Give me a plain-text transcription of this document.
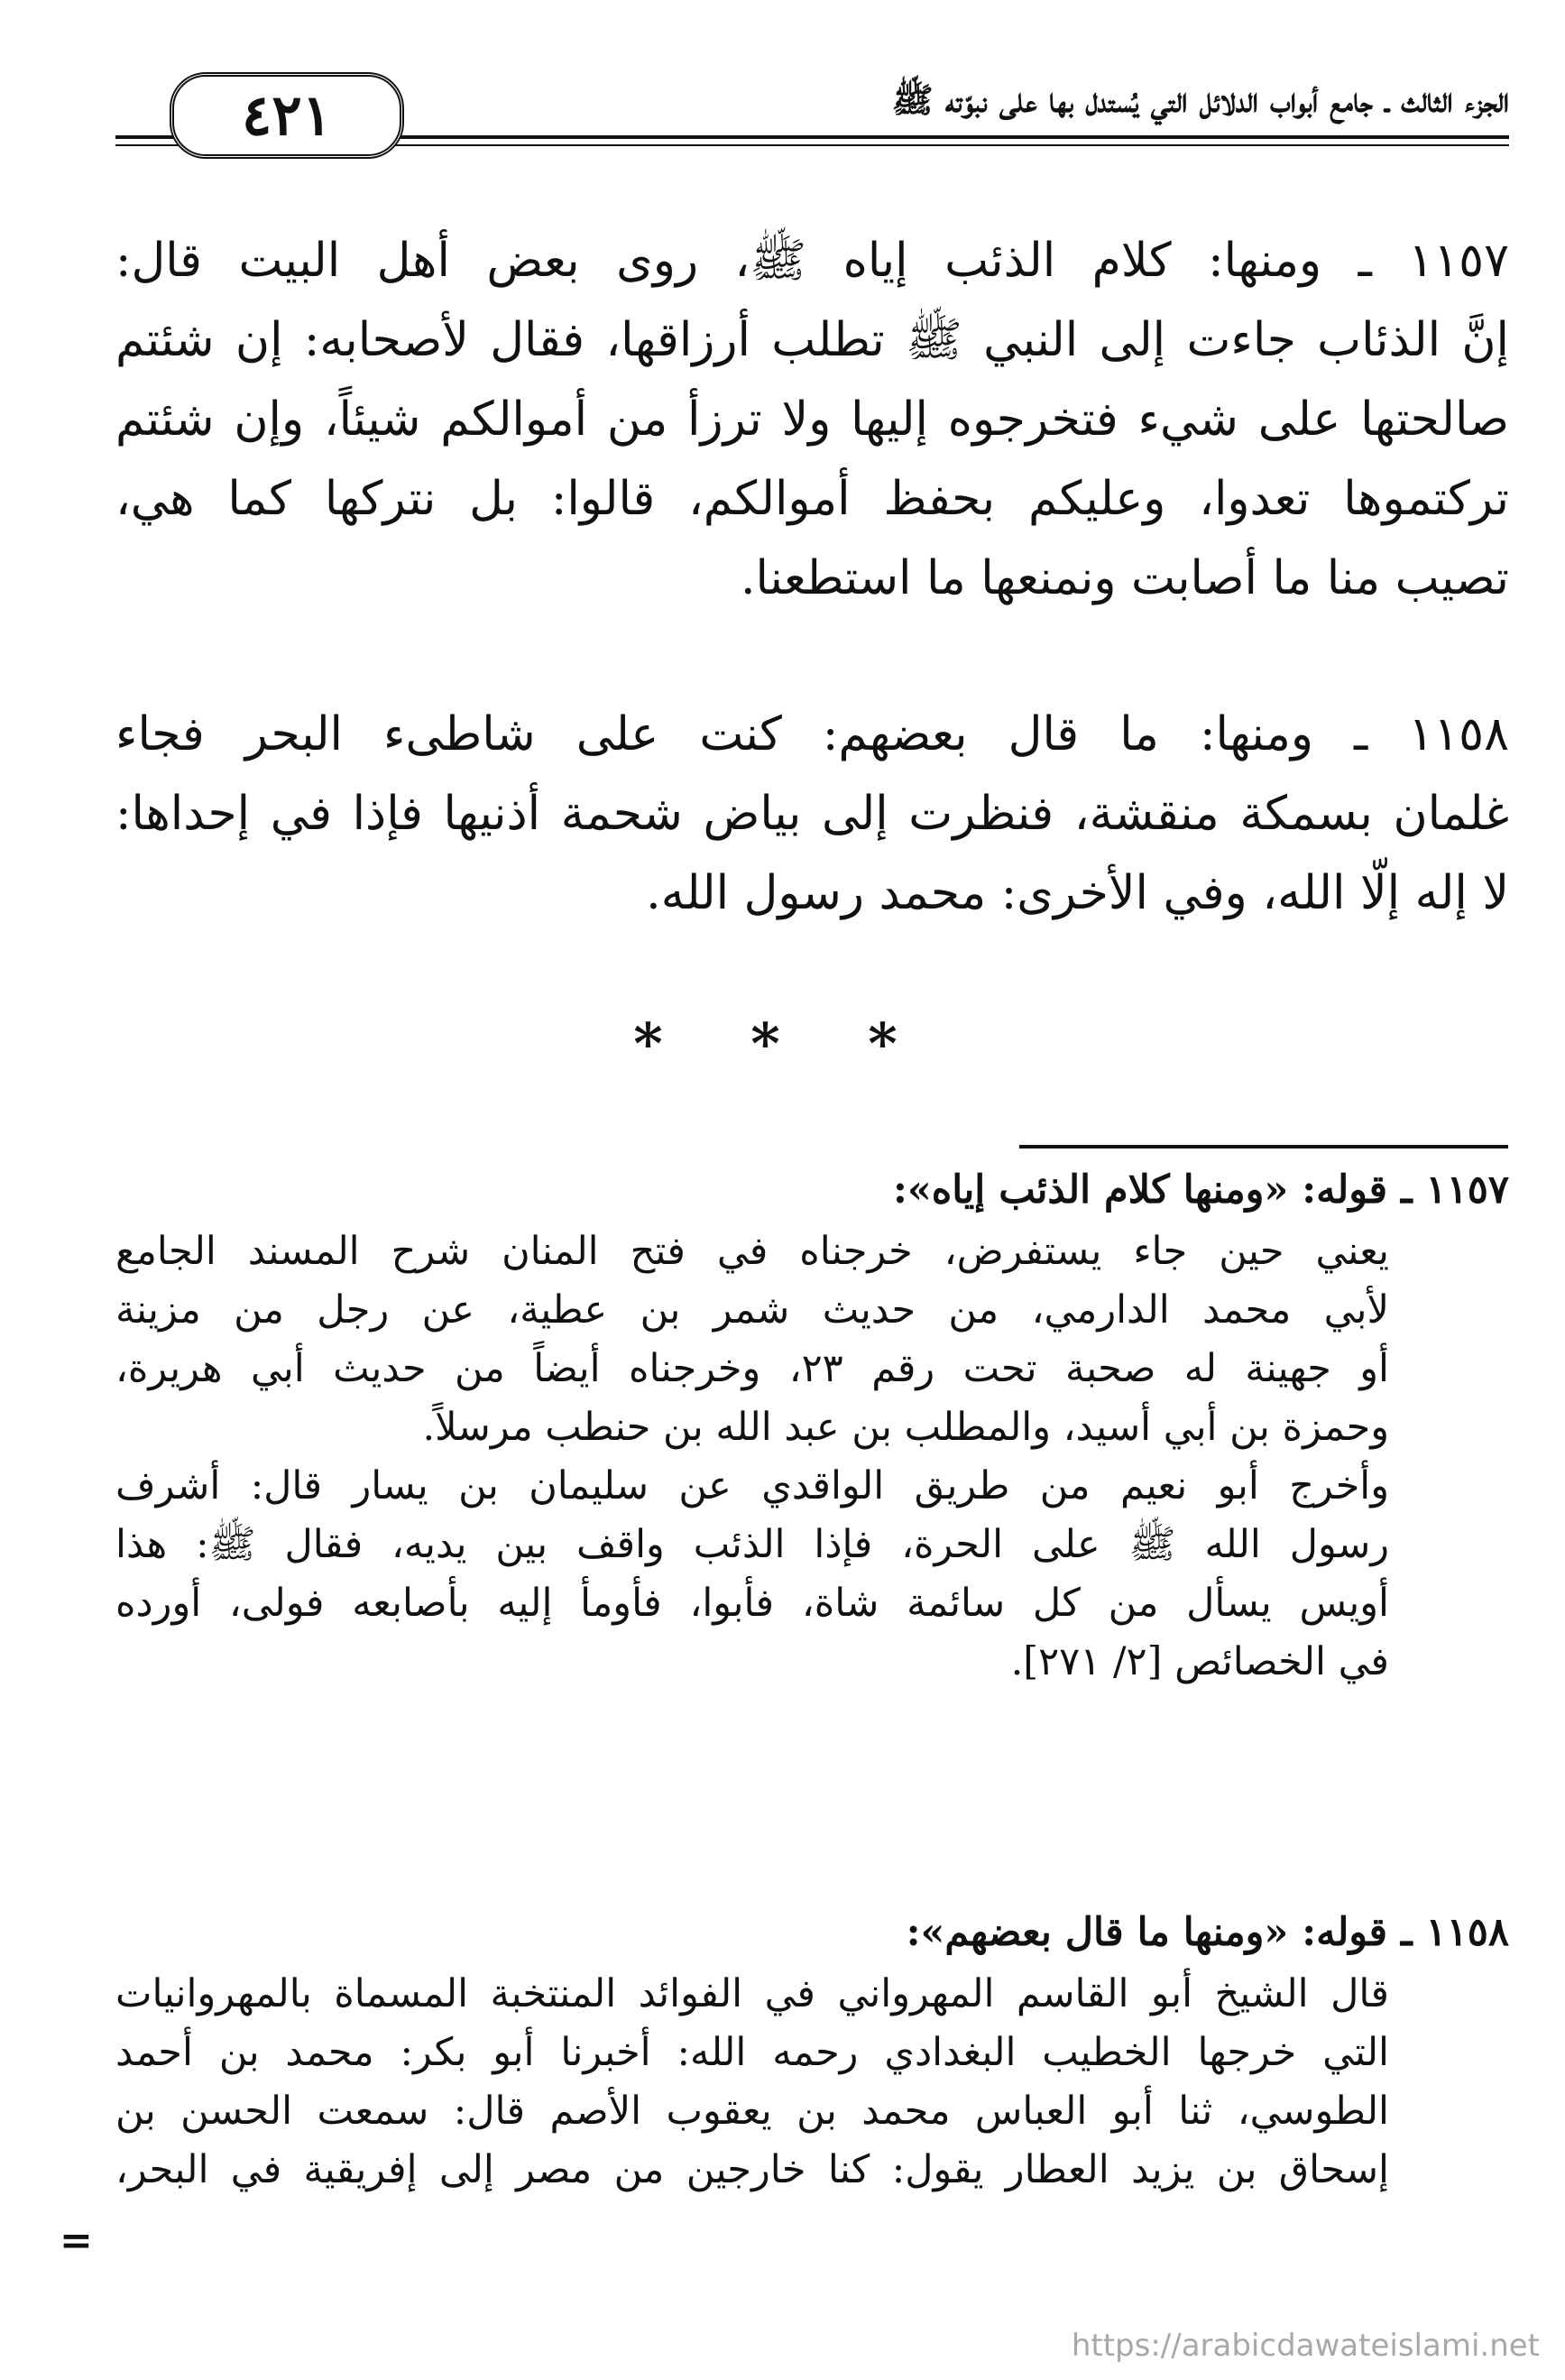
٤٢١	الجزء الثالث ـ جامع أبواب الدلائل التي يُستدل بها على نبوّته ﷺ
١١٥٧ ـ ومنها: كلام الذئب إياه ﷺ، روى بعض أهل البيت قال:
إنَّ الذئاب جاءت إلى النبي ﷺ تطلب أرزاقها، فقال لأصحابه: إن شئتم
صالحتها على شيء فتخرجوه إليها ولا ترزأ من أموالكم شيئاً، وإن شئتم
تركتموها تعدوا، وعليكم بحفظ أموالكم، قالوا: بل نتركها كما هي،
تصيب منا ما أصابت ونمنعها ما استطعنا.
١١٥٨ ـ ومنها: ما قال بعضهم: كنت على شاطىء البحر فجاء
غلمان بسمكة منقشة، فنظرت إلى بياض شحمة أذنيها فإذا في إحداها:
لا إله إلّا الله، وفي الأخرى: محمد رسول الله.
* * *
١١٥٧ ـ قوله: «ومنها كلام الذئب إياه»:
يعني حين جاء يستفرض، خرجناه في فتح المنان شرح المسند الجامع
لأبي محمد الدارمي، من حديث شمر بن عطية، عن رجل من مزينة
أو جهينة له صحبة تحت رقم ٢٣، وخرجناه أيضاً من حديث أبي هريرة،
وحمزة بن أبي أسيد، والمطلب بن عبد الله بن حنطب مرسلاً.
وأخرج أبو نعيم من طريق الواقدي عن سليمان بن يسار قال: أشرف
رسول الله ﷺ على الحرة، فإذا الذئب واقف بين يديه، فقال ﷺ: هذا
أويس يسأل من كل سائمة شاة، فأبوا، فأومأ إليه بأصابعه فولى، أورده
في الخصائص [٢/ ٢٧١].
١١٥٨ ـ قوله: «ومنها ما قال بعضهم»:
قال الشيخ أبو القاسم المهرواني في الفوائد المنتخبة المسماة بالمهروانيات
التي خرجها الخطيب البغدادي رحمه الله: أخبرنا أبو بكر: محمد بن أحمد
الطوسي، ثنا أبو العباس محمد بن يعقوب الأصم قال: سمعت الحسن بن
إسحاق بن يزيد العطار يقول: كنا خارجين من مصر إلى إفريقية في البحر،
=
https://arabicdawateislami.net
